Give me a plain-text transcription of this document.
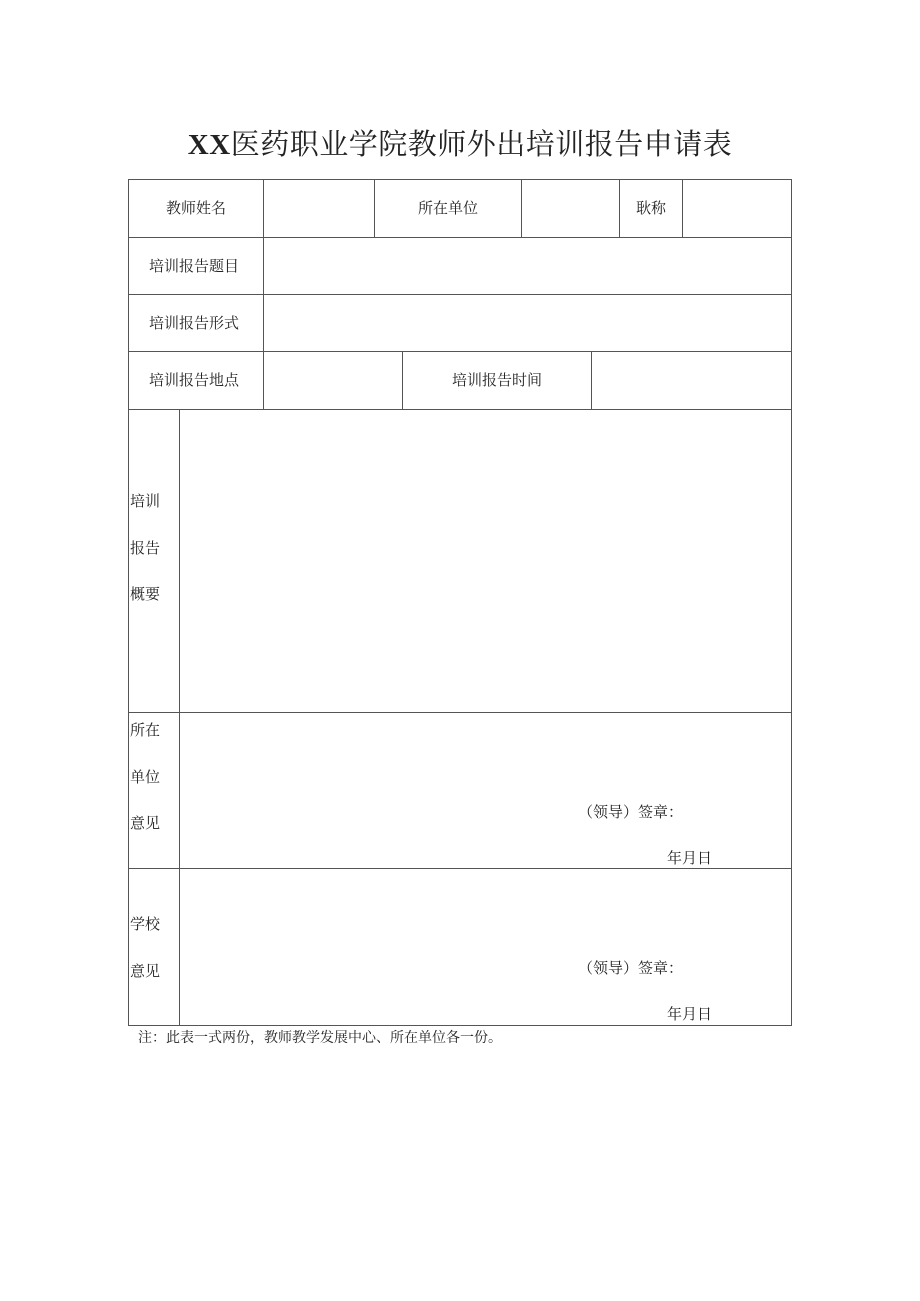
XX医药职业学院教师外出培训报告申请表
教师姓名	所在单位	耿称
培训报告题目
培训报告形式
培训报告地点	培训报告时间
培训
报告
概要
所在
单位
意见
（领导）签章：
年月日
学校
意见	（领导）签章：
年月日
注：此表一式两份，教师教学发展中心、所在单位各一份。
